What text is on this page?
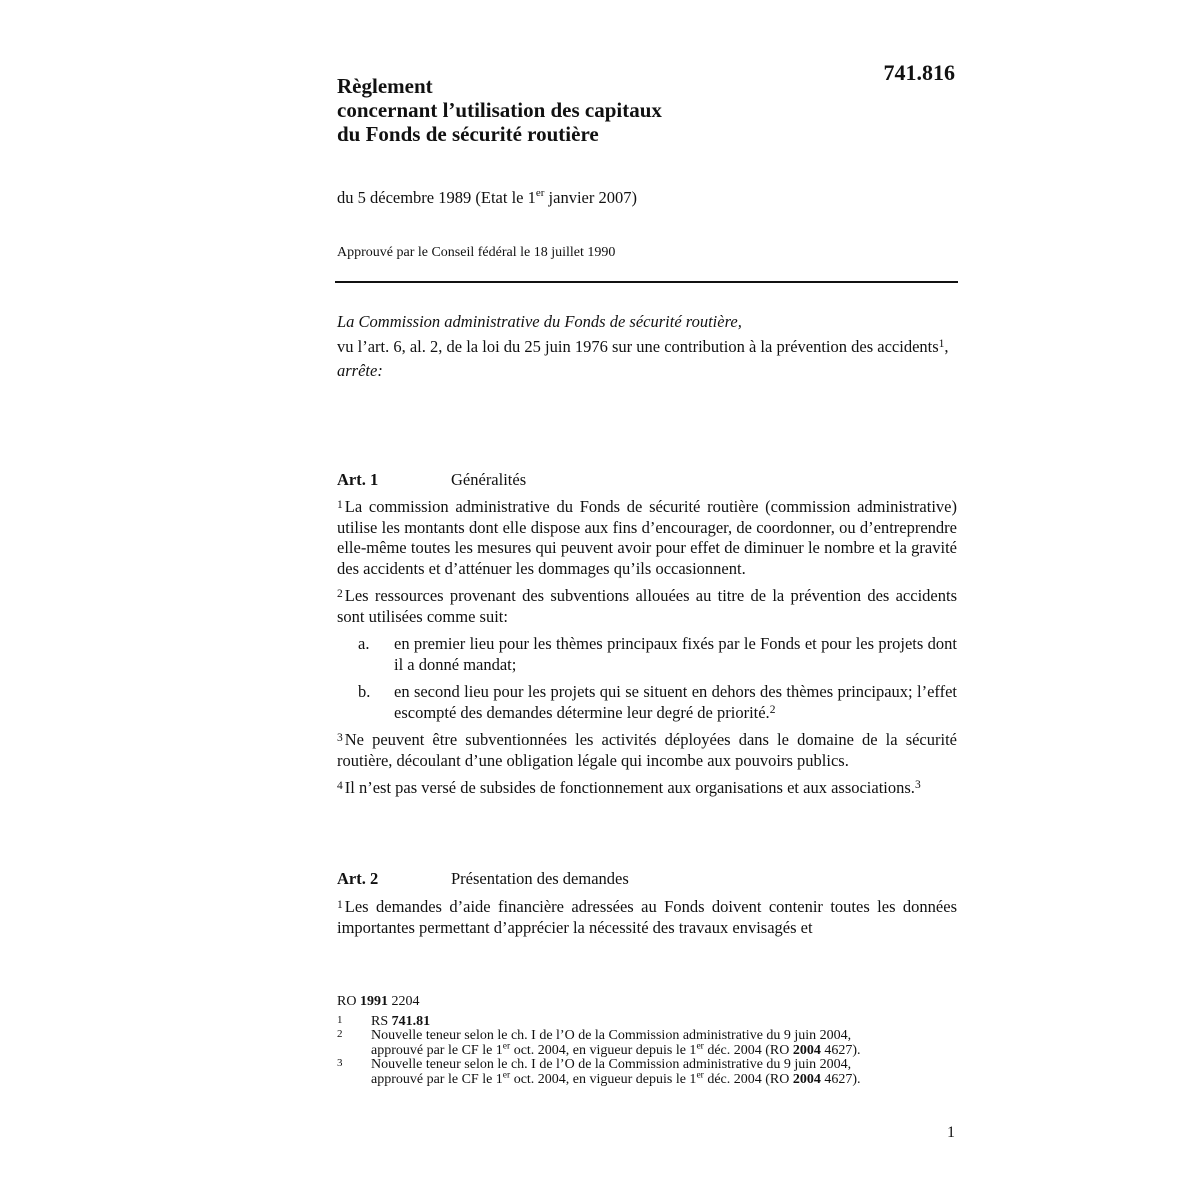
741.816
Règlement
concernant l’utilisation des capitaux
du Fonds de sécurité routière
du 5 décembre 1989 (Etat le 1er janvier 2007)
Approuvé par le Conseil fédéral le 18 juillet 1990

La Commission administrative du Fonds de sécurité routière,

vu l’art. 6, al. 2, de la loi du 25 juin 1976 sur une contribution à la prévention des accidents$^1$,

arrête:

Art. 1	Généralités

$^1$ La commission administrative du Fonds de sécurité routière (commission administrative) utilise les montants dont elle dispose aux fins d’encourager, de coordonner, ou d’entreprendre elle-même toutes les mesures qui peuvent avoir pour effet de diminuer le nombre et la gravité des accidents et d’atténuer les dommages qu’ils occasionnent.

$^2$ Les ressources provenant des subventions allouées au titre de la prévention des accidents sont utilisées comme suit:

a. en premier lieu pour les thèmes principaux fixés par le Fonds et pour les projets dont il a donné mandat;
b. en second lieu pour les projets qui se situent en dehors des thèmes principaux; l’effet escompté des demandes détermine leur degré de priorité.$^2$

$^3$ Ne peuvent être subventionnées les activités déployées dans le domaine de la sécurité routière, découlant d’une obligation légale qui incombe aux pouvoirs publics.

$^4$ Il n’est pas versé de subsides de fonctionnement aux organisations et aux associations.$^3$

Art. 2	Présentation des demandes

$^1$ Les demandes d’aide financière adressées au Fonds doivent contenir toutes les données importantes permettant d’apprécier la nécessité des travaux envisagés et

RO 1991 2204
1 RS 741.81
2 Nouvelle teneur selon le ch. I de l’O de la Commission administrative du 9 juin 2004,
approuvé par le CF le 1er oct. 2004, en vigueur depuis le 1er déc. 2004 (RO 2004 4627).
3 Nouvelle teneur selon le ch. I de l’O de la Commission administrative du 9 juin 2004,
approuvé par le CF le 1er oct. 2004, en vigueur depuis le 1er déc. 2004 (RO 2004 4627).
1
